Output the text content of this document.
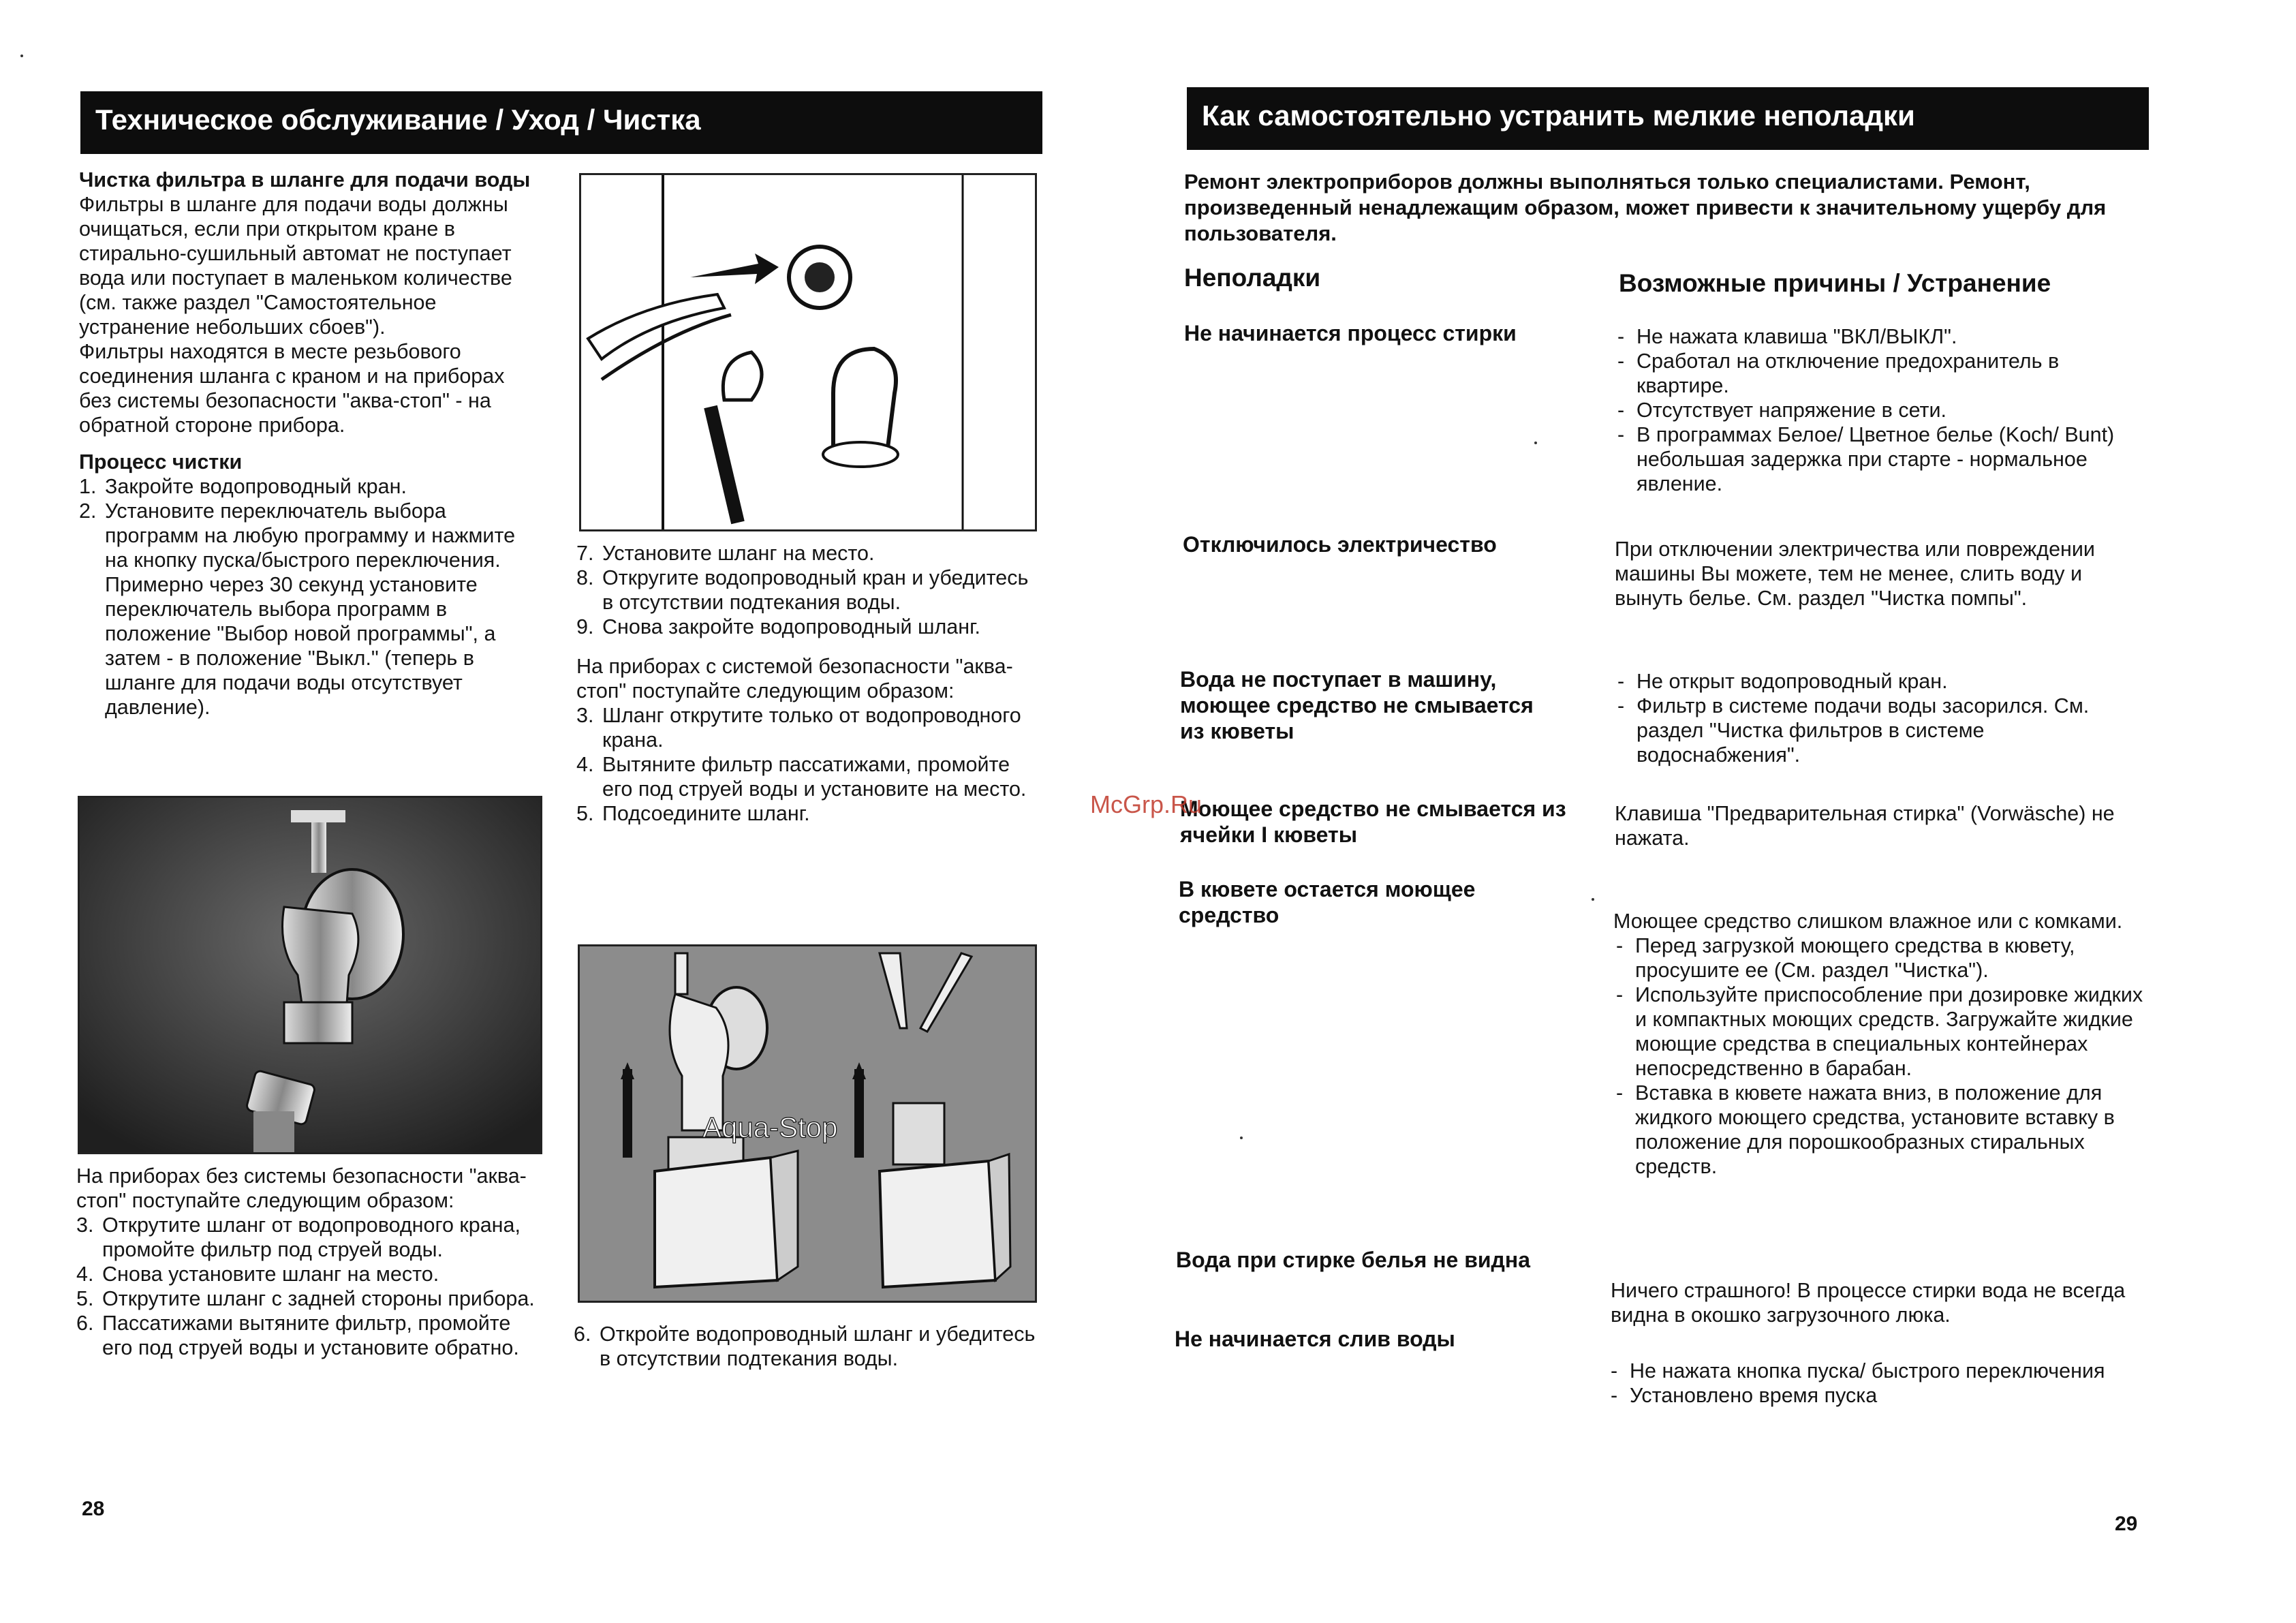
Техническое обслуживание / Уход / Чистка

Чистка фильтра в шланге для подачи воды

Фильтры в шланге для подачи воды должны очищаться, если при открытом кране в стирально-сушильный автомат не поступает вода или поступает в маленьком количестве (см. также раздел "Самостоятельное устранение небольших сбоев").

Фильтры находятся в месте резьбового соединения шланга с краном и на приборах без системы безопасности "аква-стоп" - на обратной стороне прибора.

Процесс чистки

1. Закройте водопроводный кран.
2. Установите переключатель выбора программ на любую программу и нажмите на кнопку пуска/быстрого переключения. Примерно через 30 секунд установите переключатель выбора программ в положение "Выбор новой программы", а затем - в положение "Выкл." (теперь в шланге для подачи воды отсутствует давление).

На приборах без системы безопасности "аква-стоп" поступайте следующим образом:

3. Открутите шланг от водопроводного крана, промойте фильтр под струей воды.
4. Снова установите шланг на место.
5. Открутите шланг с задней стороны прибора.
6. Пассатижами вытяните фильтр, промойте его под струей воды и установите обратно.
7. Установите шланг на место.
8. Откругите водопроводный кран и убедитесь в отсутствии подтекания воды.
9. Снова закройте водопроводный шланг.

На приборах с системой безопасности "аква-стоп" поступайте следующим образом:

3. Шланг открутите только от водопроводного крана.
4. Вытяните фильтр пассатижами, промойте его под струей воды и установите на место.
5. Подсоедините шланг.
Aqua-Stop
6. Откройте водопроводный шланг и убедитесь в отсутствии подтекания воды.
28
Как самостоятельно устранить мелкие неполадки
Ремонт электроприборов должны выполняться только специалистами. Ремонт, произведенный ненадлежащим образом, может привести к значительному ущербу для пользователя.
Неполадки	Возможные причины / Устранение
Не начинается процесс стирки
-	Не нажата клавиша "ВКЛ/ВЫКЛ".
- Сработал на отключение предохранитель в квартире.
- Отсутствует напряжение в сети.
- В программах Белое/ Цветное белье (Koch/ Bunt) небольшая задержка при старте - нормальное явление.
Отключилось электричество	При отключении электричества или повреждении машины Вы можете, тем не менее, слить воду и вынуть белье. См. раздел "Чистка помпы".
Вода не поступает в машину, моющее средство не смывается из кюветы
- Не открыт водопроводный кран.
- Фильтр в системе подачи воды засорился. См. раздел "Чистка фильтров в системе водоснабжения".
Моющее средство не смывается из ячейки I кюветы
Клавиша "Предварительная стирка" (Vorwäsche) не нажата.
В кювете остается моющее средство	Моющее средство слишком влажное или с комками.

- Перед загрузкой моющего средства в кювету, просушите ее (См. раздел "Чистка").
- Используйте приспособление при дозировке жидких и компактных моющих средств. Загружайте жидкие моющие средства в специальных контейнерах непосредственно в барабан.
- Вставка в кювете нажата вниз, в положение для жидкого моющего средства, установите вставку в положение для порошкообразных стиральных средств.
Вода при стирке белья не видна
Ничего страшного! В процессе стирки вода не всегда видна в окошко загрузочного люка.
Не начинается слив воды
- Не нажата кнопка пуска/ быстрого переключения
- Установлено время пуска
29
McGrp.Ru
